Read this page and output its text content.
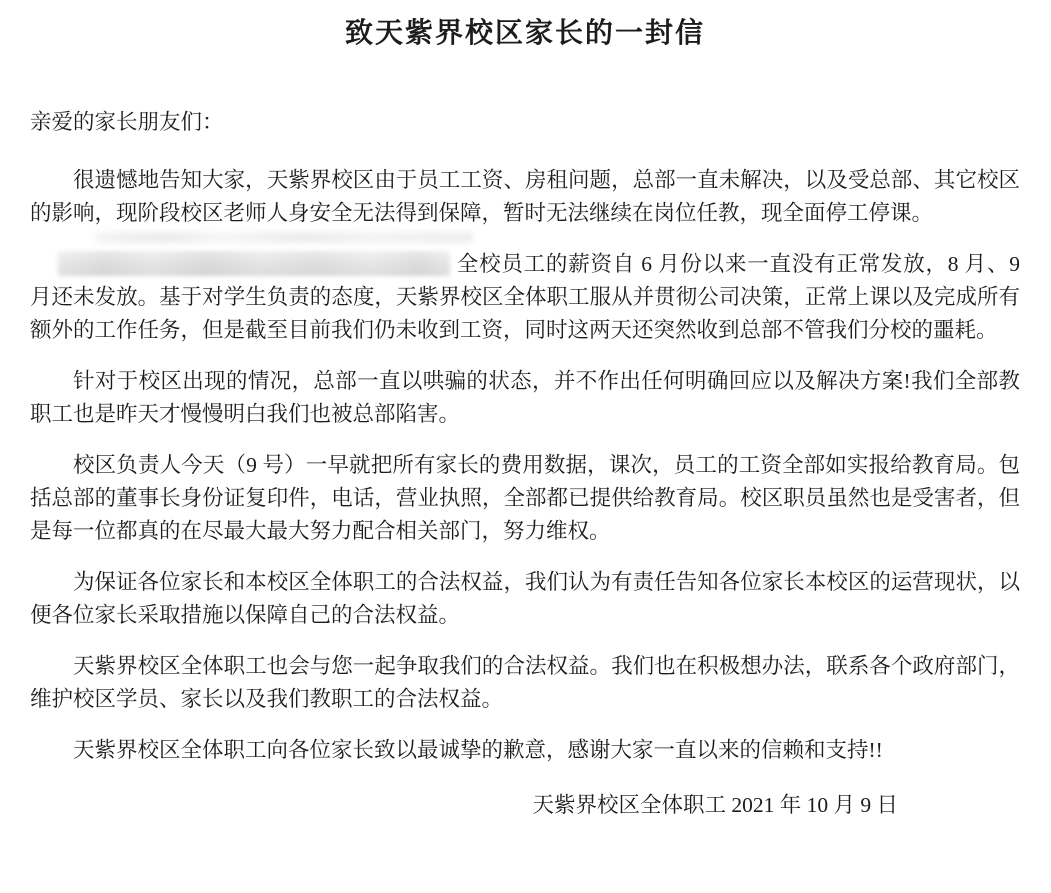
致天紫界校区家长的一封信

亲爱的家长朋友们：

很遗憾地告知大家，天紫界校区由于员工工资、房租问题，总部一直未解决，以及受总部、其它校区的影响，现阶段校区老师人身安全无法得到保障，暂时无法继续在岗位任教，现全面停工停课。

全校员工的薪资自 6 月份以来一直没有正常发放，8 月、9 月还未发放。基于对学生负责的态度，天紫界校区全体职工服从并贯彻公司决策，正常上课以及完成所有额外的工作任务，但是截至目前我们仍未收到工资，同时这两天还突然收到总部不管我们分校的噩耗。

针对于校区出现的情况，总部一直以哄骗的状态，并不作出任何明确回应以及解决方案!我们全部教职工也是昨天才慢慢明白我们也被总部陷害。

校区负责人今天（9 号）一早就把所有家长的费用数据，课次，员工的工资全部如实报给教育局。包括总部的董事长身份证复印件，电话，营业执照，全部都已提供给教育局。校区职员虽然也是受害者，但是每一位都真的在尽最大最大努力配合相关部门，努力维权。

为保证各位家长和本校区全体职工的合法权益，我们认为有责任告知各位家长本校区的运营现状，以便各位家长采取措施以保障自己的合法权益。

天紫界校区全体职工也会与您一起争取我们的合法权益。我们也在积极想办法，联系各个政府部门，维护校区学员、家长以及我们教职工的合法权益。

天紫界校区全体职工向各位家长致以最诚挚的歉意，感谢大家一直以来的信赖和支持!!

天紫界校区全体职工 2021 年 10 月 9 日
